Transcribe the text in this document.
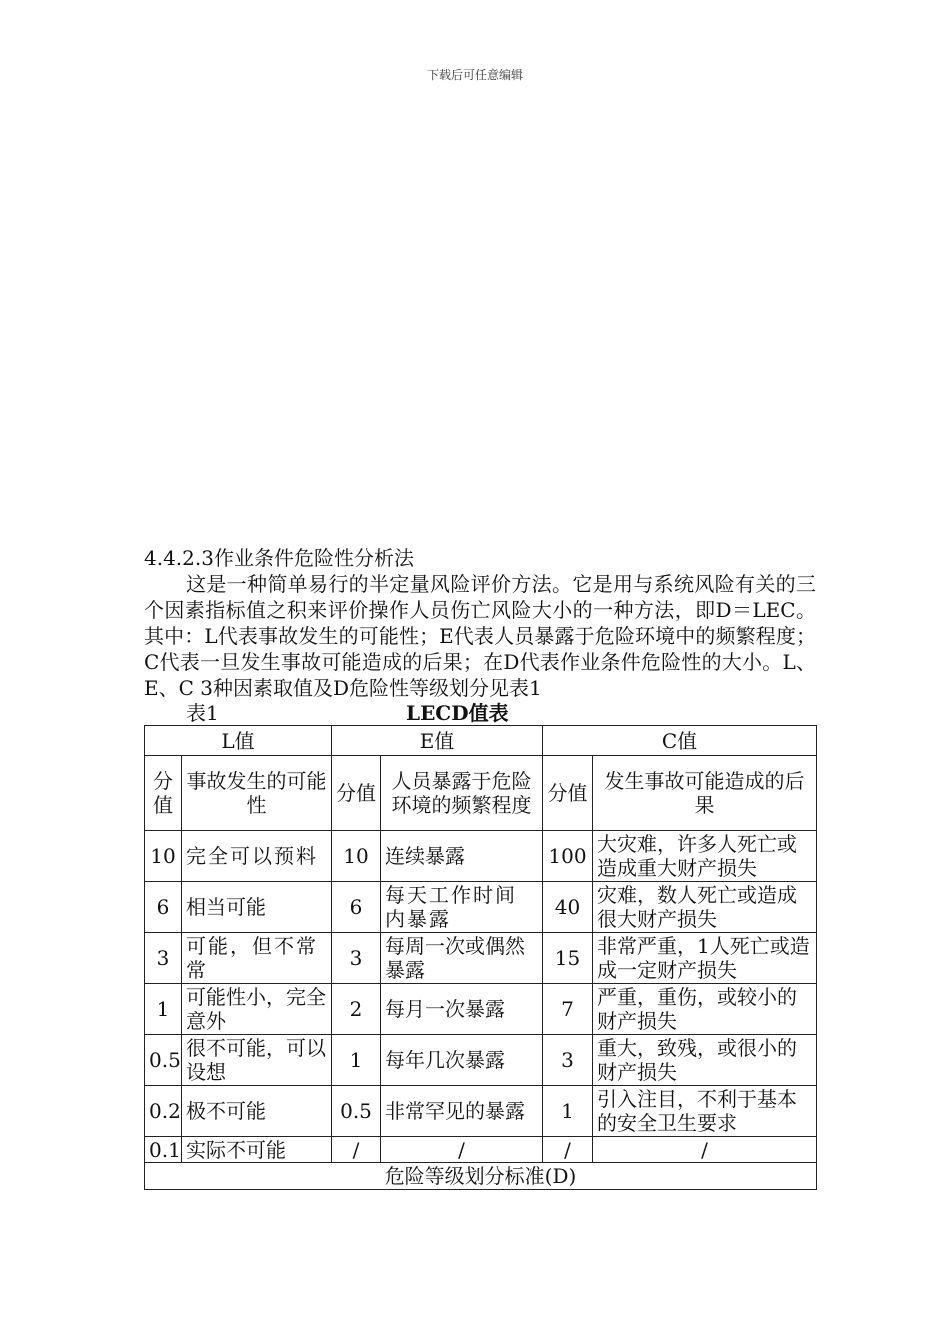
下载后可任意编辑
4.4.2.3作业条件危险性分析法
这是一种简单易行的半定量风险评价方法。它是用与系统风险有关的三个因素指标值之积来评价操作人员伤亡风险大小的一种方法，即D＝LEC。其中：L代表事故发生的可能性；E代表人员暴露于危险环境中的频繁程度；C代表一旦发生事故可能造成的后果；在D代表作业条件危险性的大小。L、E、C 3种因素取值及D危险性等级划分见表1
表1	LECD值表
L值		E值		C值	
分值	事故发生的可能性	分值	人员暴露于危险环境的频繁程度	分值	发生事故可能造成的后果
10	完全可以预料	10	连续暴露	100	大灾难，许多人死亡或造成重大财产损失
6	相当可能	6	每天工作时间内暴露	40	灾难，数人死亡或造成很大财产损失
3	可能，但不常常	3	每周一次或偶然暴露	15	非常严重，1人死亡或造成一定财产损失
1	可能性小，完全意外	2	每月一次暴露	7	严重，重伤，或较小的财产损失
0.5	很不可能，可以设想	1	每年几次暴露	3	重大，致残，或很小的财产损失
0.2	极不可能	0.5	非常罕见的暴露	1	引入注目，不利于基本的安全卫生要求
0.1	实际不可能	/	/	/	/
危险等级划分标准(D)					
